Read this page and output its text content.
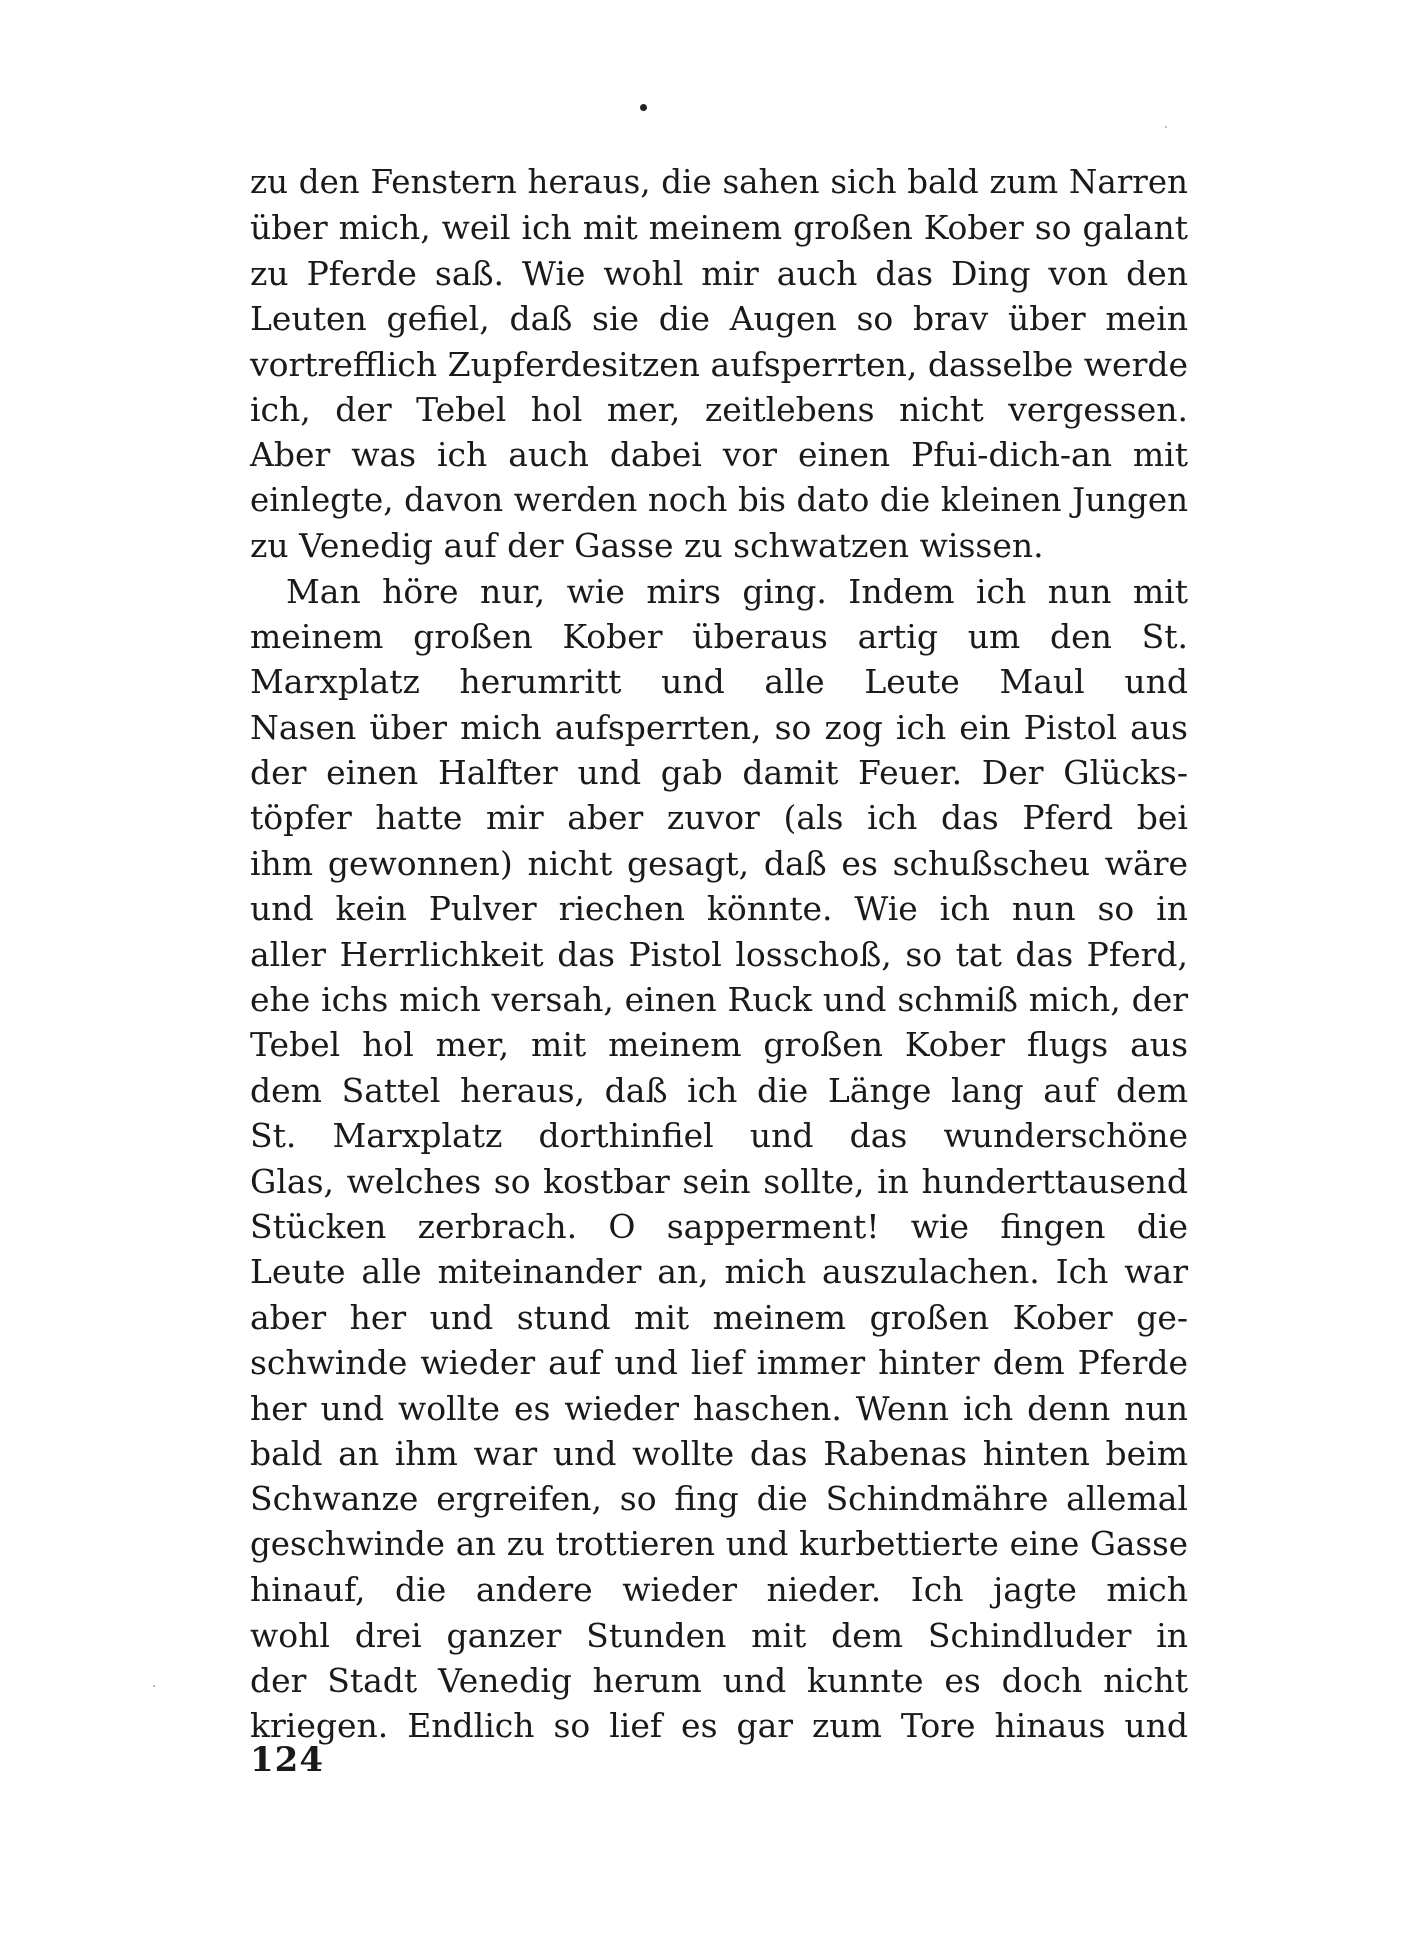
zu den Fenstern heraus, die sahen sich bald zum Narren
über mich, weil ich mit meinem großen Kober so galant
zu Pferde saß. Wie wohl mir auch das Ding von den
Leuten gefiel, daß sie die Augen so brav über mein
vortrefflich Zupferdesitzen aufsperrten, dasselbe werde
ich, der Tebel hol mer, zeitlebens nicht vergessen.
Aber was ich auch dabei vor einen Pfui-dich-an mit
einlegte, davon werden noch bis dato die kleinen Jungen
zu Venedig auf der Gasse zu schwatzen wissen.
Man höre nur, wie mirs ging. Indem ich nun mit
meinem großen Kober überaus artig um den St.
Marxplatz herumritt und alle Leute Maul und
Nasen über mich aufsperrten, so zog ich ein Pistol aus
der einen Halfter und gab damit Feuer. Der Glücks-
töpfer hatte mir aber zuvor (als ich das Pferd bei
ihm gewonnen) nicht gesagt, daß es schußscheu wäre
und kein Pulver riechen könnte. Wie ich nun so in
aller Herrlichkeit das Pistol losschoß, so tat das Pferd,
ehe ichs mich versah, einen Ruck und schmiß mich, der
Tebel hol mer, mit meinem großen Kober flugs aus
dem Sattel heraus, daß ich die Länge lang auf dem
St. Marxplatz dorthinfiel und das wunderschöne
Glas, welches so kostbar sein sollte, in hunderttausend
Stücken zerbrach. O sapperment! wie fingen die
Leute alle miteinander an, mich auszulachen. Ich war
aber her und stund mit meinem großen Kober ge-
schwinde wieder auf und lief immer hinter dem Pferde
her und wollte es wieder haschen. Wenn ich denn nun
bald an ihm war und wollte das Rabenas hinten beim
Schwanze ergreifen, so fing die Schindmähre allemal
geschwinde an zu trottieren und kurbettierte eine Gasse
hinauf, die andere wieder nieder. Ich jagte mich
wohl drei ganzer Stunden mit dem Schindluder in
der Stadt Venedig herum und kunnte es doch nicht
kriegen. Endlich so lief es gar zum Tore hinaus und
124
